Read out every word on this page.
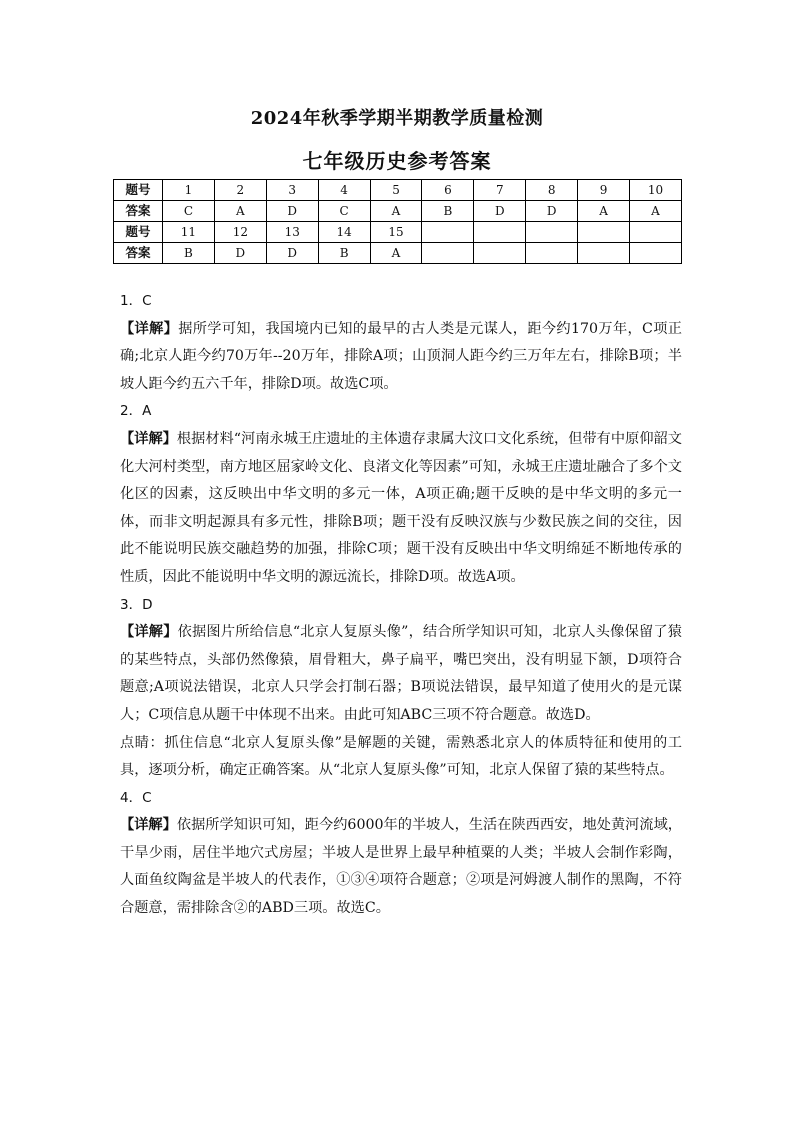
2024年秋季学期半期教学质量检测
七年级历史参考答案
题号	1	2	3	4	5	6	7	8	9	10
答案	C	A	D	C	A	B	D	D	A	A
题号	11	12	13	14	15					
答案	B	D	D	B	A					

1．C

【详解】据所学可知，我国境内已知的最早的古人类是元谋人，距今约170万年，C项正确;北京人距今约70万年--20万年，排除A项；山顶洞人距今约三万年左右，排除B项；半坡人距今约五六千年，排除D项。故选C项。

2．A

【详解】根据材料“河南永城王庄遗址的主体遗存隶属大汶口文化系统，但带有中原仰韶文化大河村类型，南方地区屈家岭文化、良渚文化等因素”可知，永城王庄遗址融合了多个文化区的因素，这反映出中华文明的多元一体，A项正确;题干反映的是中华文明的多元一体，而非文明起源具有多元性，排除B项；题干没有反映汉族与少数民族之间的交往，因此不能说明民族交融趋势的加强，排除C项；题干没有反映出中华文明绵延不断地传承的性质，因此不能说明中华文明的源远流长，排除D项。故选A项。

3．D

【详解】依据图片所给信息“北京人复原头像”，结合所学知识可知，北京人头像保留了猿的某些特点，头部仍然像猿，眉骨粗大，鼻子扁平，嘴巴突出，没有明显下颔，D项符合题意;A项说法错误，北京人只学会打制石器；B项说法错误，最早知道了使用火的是元谋人；C项信息从题干中体现不出来。由此可知ABC三项不符合题意。故选D。

点睛：抓住信息“北京人复原头像”是解题的关键，需熟悉北京人的体质特征和使用的工具，逐项分析，确定正确答案。从“北京人复原头像”可知，北京人保留了猿的某些特点。

4．C

【详解】依据所学知识可知，距今约6000年的半坡人，生活在陕西西安，地处黄河流域，干旱少雨，居住半地穴式房屋；半坡人是世界上最早种植粟的人类；半坡人会制作彩陶，人面鱼纹陶盆是半坡人的代表作，①③④项符合题意；②项是河姆渡人制作的黑陶，不符合题意，需排除含②的ABD三项。故选C。
